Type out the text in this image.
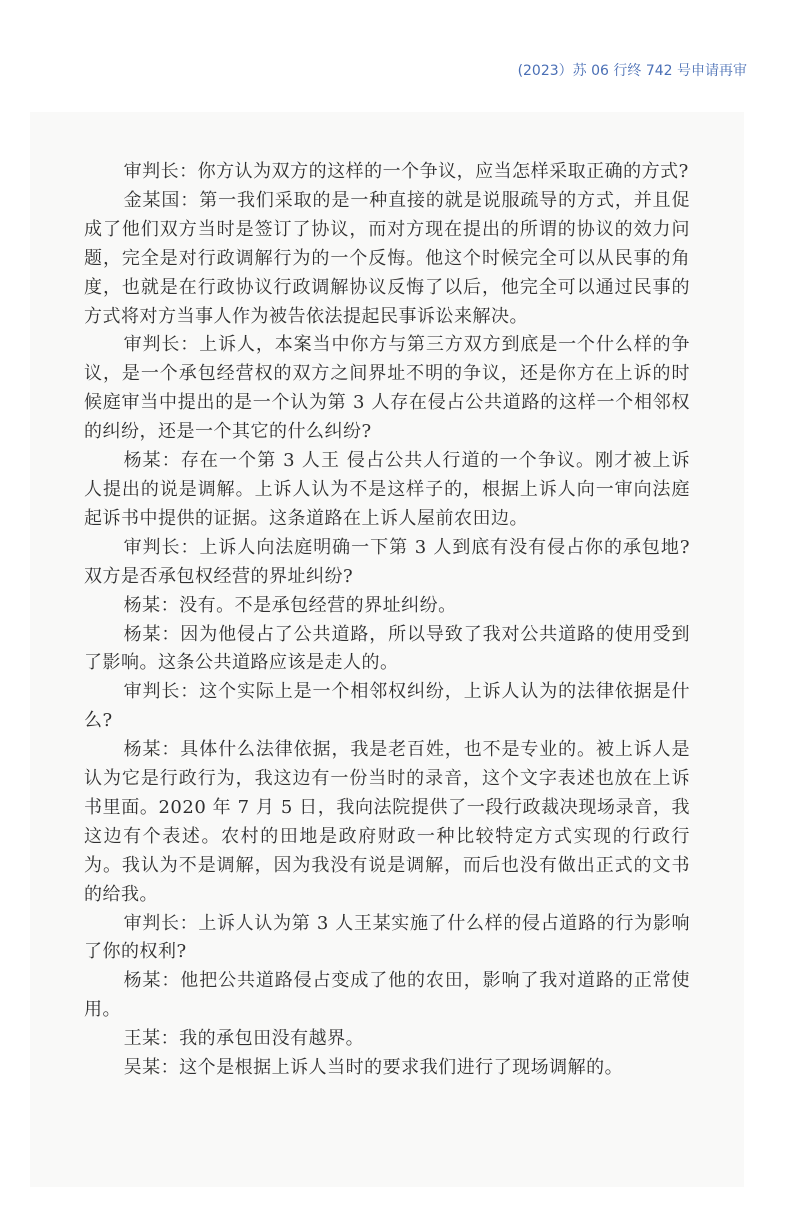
(2023）苏 06 行终 742 号申请再审

审判长：你方认为双方的这样的一个争议，应当怎样采取正确的方式?

金某国：第一我们采取的是一种直接的就是说服疏导的方式，并且促成了他们双方当时是签订了协议，而对方现在提出的所谓的协议的效力问题，完全是对行政调解行为的一个反悔。他这个时候完全可以从民事的角度，也就是在行政协议行政调解协议反悔了以后，他完全可以通过民事的方式将对方当事人作为被告依法提起民事诉讼来解决。

审判长：上诉人，本案当中你方与第三方双方到底是一个什么样的争议，是一个承包经营权的双方之间界址不明的争议，还是你方在上诉的时候庭审当中提出的是一个认为第 3 人存在侵占公共道路的这样一个相邻权的纠纷，还是一个其它的什么纠纷?

杨某：存在一个第 3 人王 侵占公共人行道的一个争议。刚才被上诉人提出的说是调解。上诉人认为不是这样子的，根据上诉人向一审向法庭起诉书中提供的证据。这条道路在上诉人屋前农田边。

审判长：上诉人向法庭明确一下第 3 人到底有没有侵占你的承包地? 双方是否承包权经营的界址纠纷?

杨某：没有。不是承包经营的界址纠纷。

杨某：因为他侵占了公共道路，所以导致了我对公共道路的使用受到了影响。这条公共道路应该是走人的。

审判长：这个实际上是一个相邻权纠纷，上诉人认为的法律依据是什么?

杨某：具体什么法律依据，我是老百姓，也不是专业的。被上诉人是认为它是行政行为，我这边有一份当时的录音，这个文字表述也放在上诉书里面。2020 年 7 月 5 日，我向法院提供了一段行政裁决现场录音，我这边有个表述。农村的田地是政府财政一种比较特定方式实现的行政行为。我认为不是调解，因为我没有说是调解，而后也没有做出正式的文书的给我。

审判长：上诉人认为第 3 人王某实施了什么样的侵占道路的行为影响了你的权利?

杨某：他把公共道路侵占变成了他的农田，影响了我对道路的正常使用。

王某：我的承包田没有越界。

吴某：这个是根据上诉人当时的要求我们进行了现场调解的。
